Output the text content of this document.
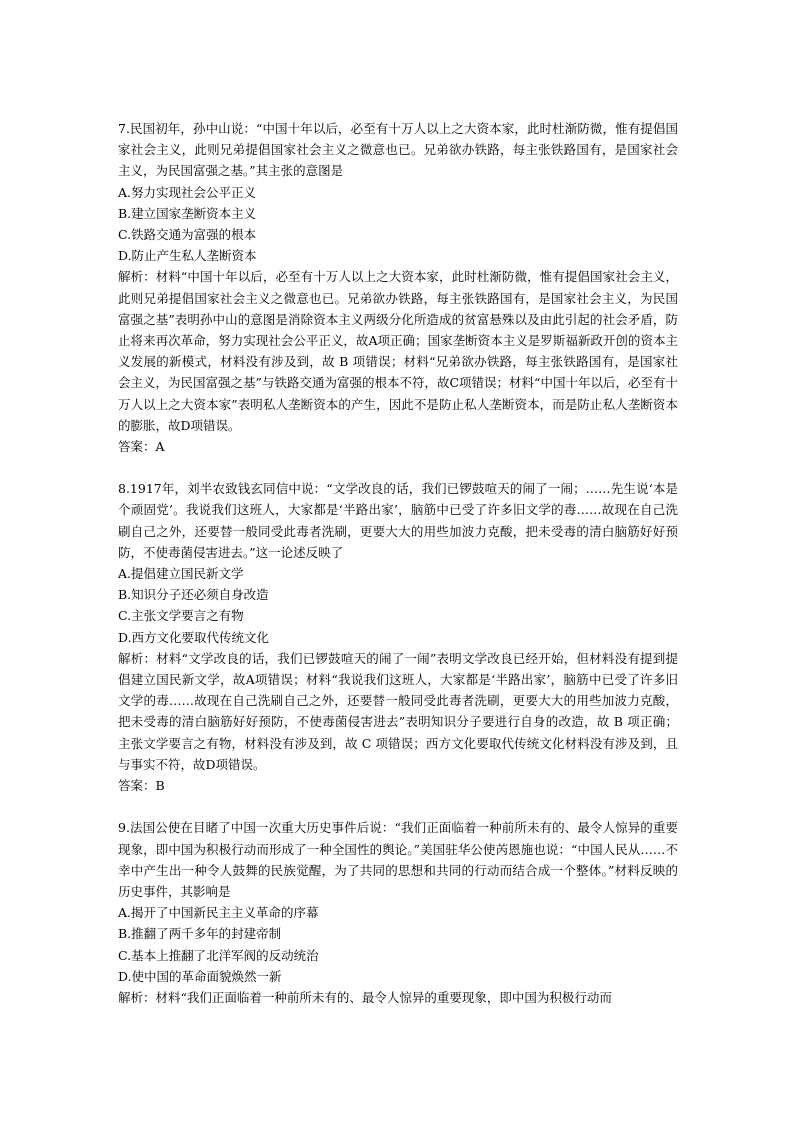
7.民国初年，孙中山说：“中国十年以后，必至有十万人以上之大资本家，此时杜渐防微，惟有提倡国家社会主义，此则兄弟提倡国家社会主义之微意也已。兄弟欲办铁路，每主张铁路国有，是国家社会主义，为民国富强之基。”其主张的意图是

A.努力实现社会公平正义

B.建立国家垄断资本主义

C.铁路交通为富强的根本

D.防止产生私人垄断资本

解析：材料“中国十年以后，必至有十万人以上之大资本家，此时杜渐防微，惟有提倡国家社会主义，此则兄弟提倡国家社会主义之微意也已。兄弟欲办铁路，每主张铁路国有，是国家社会主义，为民国富强之基”表明孙中山的意图是消除资本主义两级分化所造成的贫富悬殊以及由此引起的社会矛盾，防止将来再次革命，努力实现社会公平正义，故A项正确；国家垄断资本主义是罗斯福新政开创的资本主义发展的新模式，材料没有涉及到，故 B 项错误；材料“兄弟欲办铁路，每主张铁路国有，是国家社会主义，为民国富强之基”与铁路交通为富强的根本不符，故C项错误；材料“中国十年以后，必至有十万人以上之大资本家”表明私人垄断资本的产生，因此不是防止私人垄断资本，而是防止私人垄断资本的膨胀，故D项错误。

答案：A

8.1917年，刘半农致钱玄同信中说：“文学改良的话，我们已锣鼓喧天的闹了一闹；……先生说‘本是个顽固党’。我说我们这班人，大家都是‘半路出家’，脑筋中已受了许多旧文学的毒……故现在自己洗刷自己之外，还要替一般同受此毒者洗刷，更要大大的用些加波力克酸，把未受毒的清白脑筋好好预防，不使毒菌侵害进去。”这一论述反映了

A.提倡建立国民新文学

B.知识分子还必须自身改造

C.主张文学要言之有物

D.西方文化要取代传统文化

解析：材料“文学改良的话，我们已锣鼓喧天的闹了一闹”表明文学改良已经开始，但材料没有提到提倡建立国民新文学，故A项错误；材料“我说我们这班人，大家都是‘半路出家’，脑筋中已受了许多旧文学的毒……故现在自己洗刷自己之外，还要替一般同受此毒者洗刷，更要大大的用些加波力克酸，把未受毒的清白脑筋好好预防，不使毒菌侵害进去”表明知识分子要进行自身的改造，故 B 项正确；主张文学要言之有物，材料没有涉及到，故 C 项错误；西方文化要取代传统文化材料没有涉及到，且与事实不符，故D项错误。

答案：B

9.法国公使在目睹了中国一次重大历史事件后说：“我们正面临着一种前所未有的、最令人惊异的重要现象，即中国为积极行动而形成了一种全国性的舆论。”美国驻华公使芮恩施也说：“中国人民从……不幸中产生出一种令人鼓舞的民族觉醒，为了共同的思想和共同的行动而结合成一个整体。”材料反映的历史事件，其影响是

A.揭开了中国新民主主义革命的序幕

B.推翻了两千多年的封建帝制

C.基本上推翻了北洋军阀的反动统治

D.使中国的革命面貌焕然一新

解析：材料“我们正面临着一种前所未有的、最令人惊异的重要现象，即中国为积极行动而
